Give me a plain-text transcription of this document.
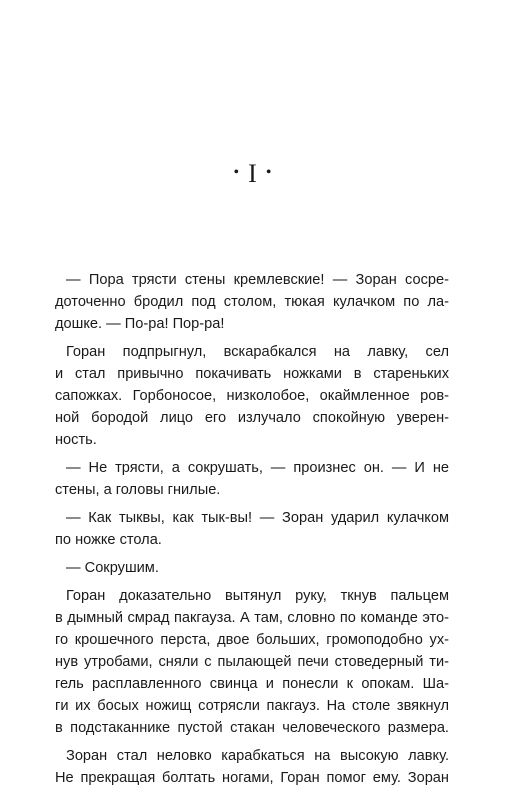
• I •

— Пора трясти стены кремлевские! — Зоран сосре-
доточенно бродил под столом, тюкая кулачком по ла-
дошке. — По-ра! Пор-ра!

Горан подпрыгнул, вскарабкался на лавку, сел
и стал привычно покачивать ножками в стареньких
сапожках. Горбоносое, низколобое, окаймленное ров-
ной бородой лицо его излучало спокойную уверен-
ность.

— Не трясти, а сокрушать, — произнес он. — И не
стены, а головы гнилые.

— Как тыквы, как тык-вы! — Зоран ударил кулачком
по ножке стола.

— Сокрушим.

Горан доказательно вытянул руку, ткнув пальцем
в дымный смрад пакгауза. А там, словно по команде это-
го крошечного перста, двое больших, громоподобно ух-
нув утробами, сняли с пылающей печи стоведерный ти-
гель расплавленного свинца и понесли к опокам. Ша-
ги их босых ножищ сотрясли пакгауз. На столе звякнул
в подстаканнике пустой стакан человеческого размера.

Зоран стал неловко карабкаться на высокую лавку.
Не прекращая болтать ногами, Горан помог ему. Зоран
